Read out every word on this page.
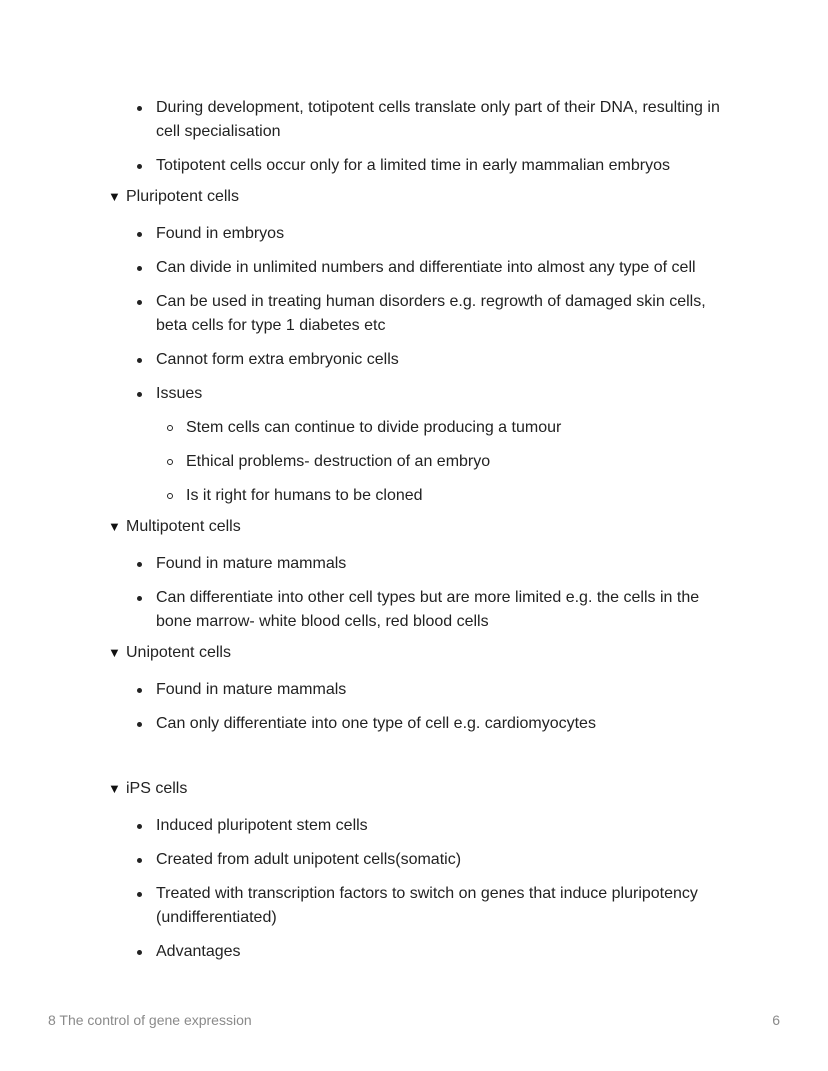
During development, totipotent cells translate only part of their DNA, resulting in cell specialisation
Totipotent cells occur only for a limited time in early mammalian embryos
▼ Pluripotent cells
Found in embryos
Can divide in unlimited numbers and differentiate into almost any type of cell
Can be used in treating human disorders e.g. regrowth of damaged skin cells, beta cells for type 1 diabetes etc
Cannot form extra embryonic cells
Issues
Stem cells can continue to divide producing a tumour
Ethical problems- destruction of an embryo
Is it right for humans to be cloned
▼ Multipotent cells
Found in mature mammals
Can differentiate into other cell types but are more limited e.g. the cells in the bone marrow- white blood cells, red blood cells
▼ Unipotent cells
Found in mature mammals
Can only differentiate into one type of cell e.g. cardiomyocytes
▼ iPS cells
Induced pluripotent stem cells
Created from adult unipotent cells(somatic)
Treated with transcription factors to switch on genes that induce pluripotency (undifferentiated)
Advantages
8 The control of gene expression	6
